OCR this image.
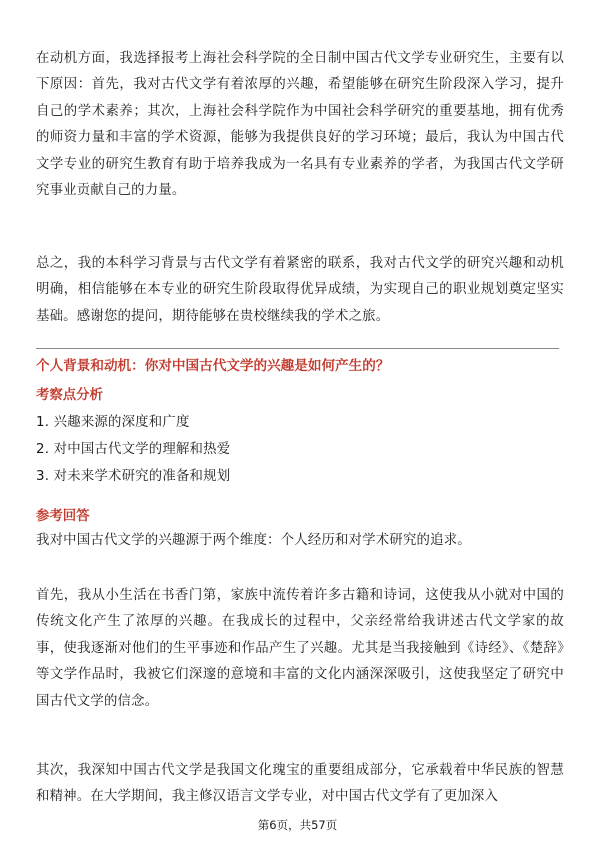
在动机方面，我选择报考上海社会科学院的全日制中国古代文学专业研究生，主要有以下原因：首先，我对古代文学有着浓厚的兴趣，希望能够在研究生阶段深入学习，提升自己的学术素养；其次，上海社会科学院作为中国社会科学研究的重要基地，拥有优秀的师资力量和丰富的学术资源，能够为我提供良好的学习环境；最后，我认为中国古代文学专业的研究生教育有助于培养我成为一名具有专业素养的学者，为我国古代文学研究事业贡献自己的力量。

总之，我的本科学习背景与古代文学有着紧密的联系，我对古代文学的研究兴趣和动机明确，相信能够在本专业的研究生阶段取得优异成绩，为实现自己的职业规划奠定坚实基础。感谢您的提问，期待能够在贵校继续我的学术之旅。

个人背景和动机：你对中国古代文学的兴趣是如何产生的？

考察点分析

1. 兴趣来源的深度和广度
2. 对中国古代文学的理解和热爱
3. 对未来学术研究的准备和规划

参考回答

我对中国古代文学的兴趣源于两个维度：个人经历和对学术研究的追求。

首先，我从小生活在书香门第，家族中流传着许多古籍和诗词，这使我从小就对中国的传统文化产生了浓厚的兴趣。在我成长的过程中，父亲经常给我讲述古代文学家的故事，使我逐渐对他们的生平事迹和作品产生了兴趣。尤其是当我接触到《诗经》、《楚辞》等文学作品时，我被它们深邃的意境和丰富的文化内涵深深吸引，这使我坚定了研究中国古代文学的信念。

其次，我深知中国古代文学是我国文化瑰宝的重要组成部分，它承载着中华民族的智慧和精神。在大学期间，我主修汉语言文学专业，对中国古代文学有了更加深入

第6页，共57页
